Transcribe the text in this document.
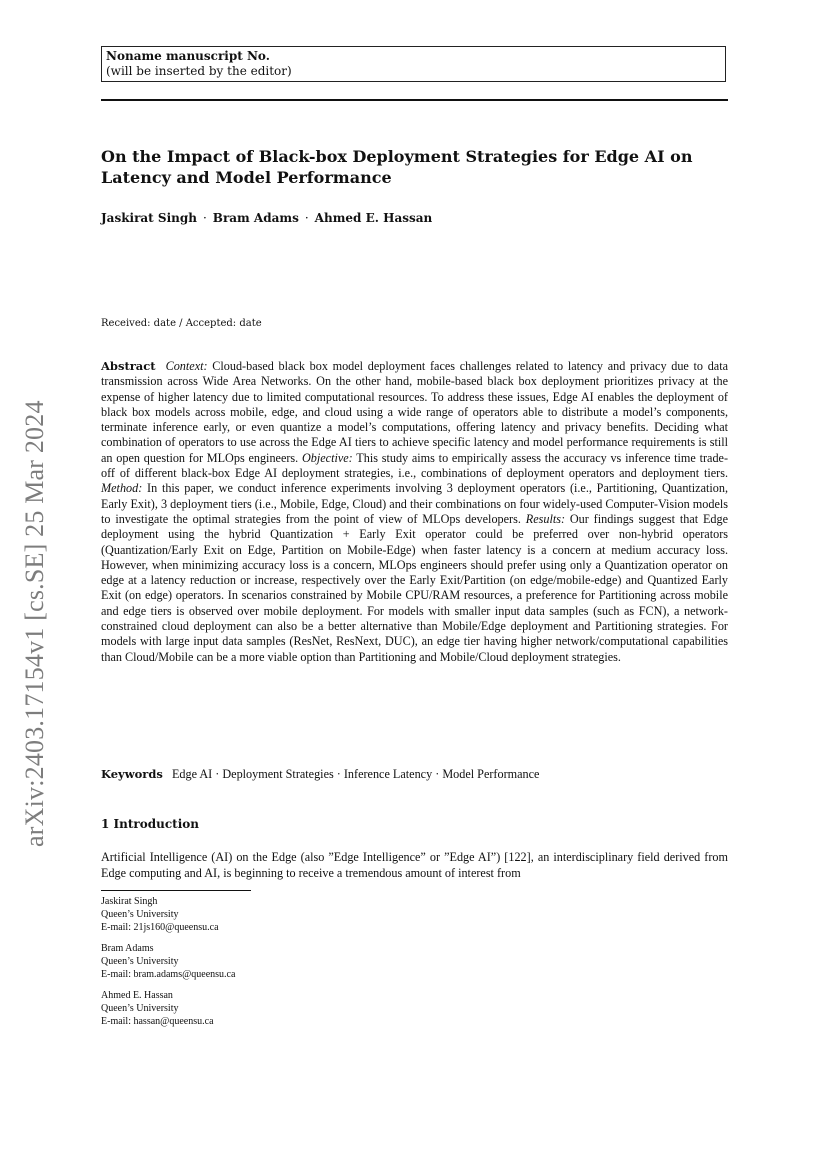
Noname manuscript No.
(will be inserted by the editor)
On the Impact of Black-box Deployment Strategies for Edge AI on Latency and Model Performance
Jaskirat Singh · Bram Adams · Ahmed E. Hassan
Received: date / Accepted: date

Abstract Context: Cloud-based black box model deployment faces challenges related to latency and privacy due to data transmission across Wide Area Networks. On the other hand, mobile-based black box deployment prioritizes privacy at the expense of higher latency due to limited computational resources. To address these issues, Edge AI enables the deployment of black box models across mobile, edge, and cloud using a wide range of operators able to distribute a model’s components, terminate inference early, or even quantize a model’s computations, offering latency and privacy benefits. Deciding what combination of operators to use across the Edge AI tiers to achieve specific latency and model performance requirements is still an open question for MLOps engineers. Objective: This study aims to empirically assess the accuracy vs inference time trade-off of different black-box Edge AI deployment strategies, i.e., combinations of deployment operators and deployment tiers. Method: In this paper, we conduct inference experiments involving 3 deployment operators (i.e., Partitioning, Quantization, Early Exit), 3 deployment tiers (i.e., Mobile, Edge, Cloud) and their combinations on four widely-used Computer-Vision models to investigate the optimal strategies from the point of view of MLOps developers. Results: Our findings suggest that Edge deployment using the hybrid Quantization + Early Exit operator could be preferred over non-hybrid operators (Quantization/Early Exit on Edge, Partition on Mobile-Edge) when faster latency is a concern at medium accuracy loss. However, when minimizing accuracy loss is a concern, MLOps engineers should prefer using only a Quantization operator on edge at a latency reduction or increase, respectively over the Early Exit/Partition (on edge/mobile-edge) and Quantized Early Exit (on edge) operators. In scenarios constrained by Mobile CPU/RAM resources, a preference for Partitioning across mobile and edge tiers is observed over mobile deployment. For models with smaller input data samples (such as FCN), a network-constrained cloud deployment can also be a better alternative than Mobile/Edge deployment and Partitioning strategies. For models with large input data samples (ResNet, ResNext, DUC), an edge tier having higher network/computational capabilities than Cloud/Mobile can be a more viable option than Partitioning and Mobile/Cloud deployment strategies.

Keywords Edge AI · Deployment Strategies · Inference Latency · Model Performance
1 Introduction

Artificial Intelligence (AI) on the Edge (also ”Edge Intelligence” or ”Edge AI”) [122], an interdisciplinary field derived from Edge computing and AI, is beginning to receive a tremendous amount of interest from

Jaskirat Singh
Queen’s University
E-mail: 21js160@queensu.ca
Bram Adams
Queen’s University
E-mail: bram.adams@queensu.ca
Ahmed E. Hassan
Queen’s University
E-mail: hassan@queensu.ca
arXiv:2403.17154v1 [cs.SE] 25 Mar 2024
